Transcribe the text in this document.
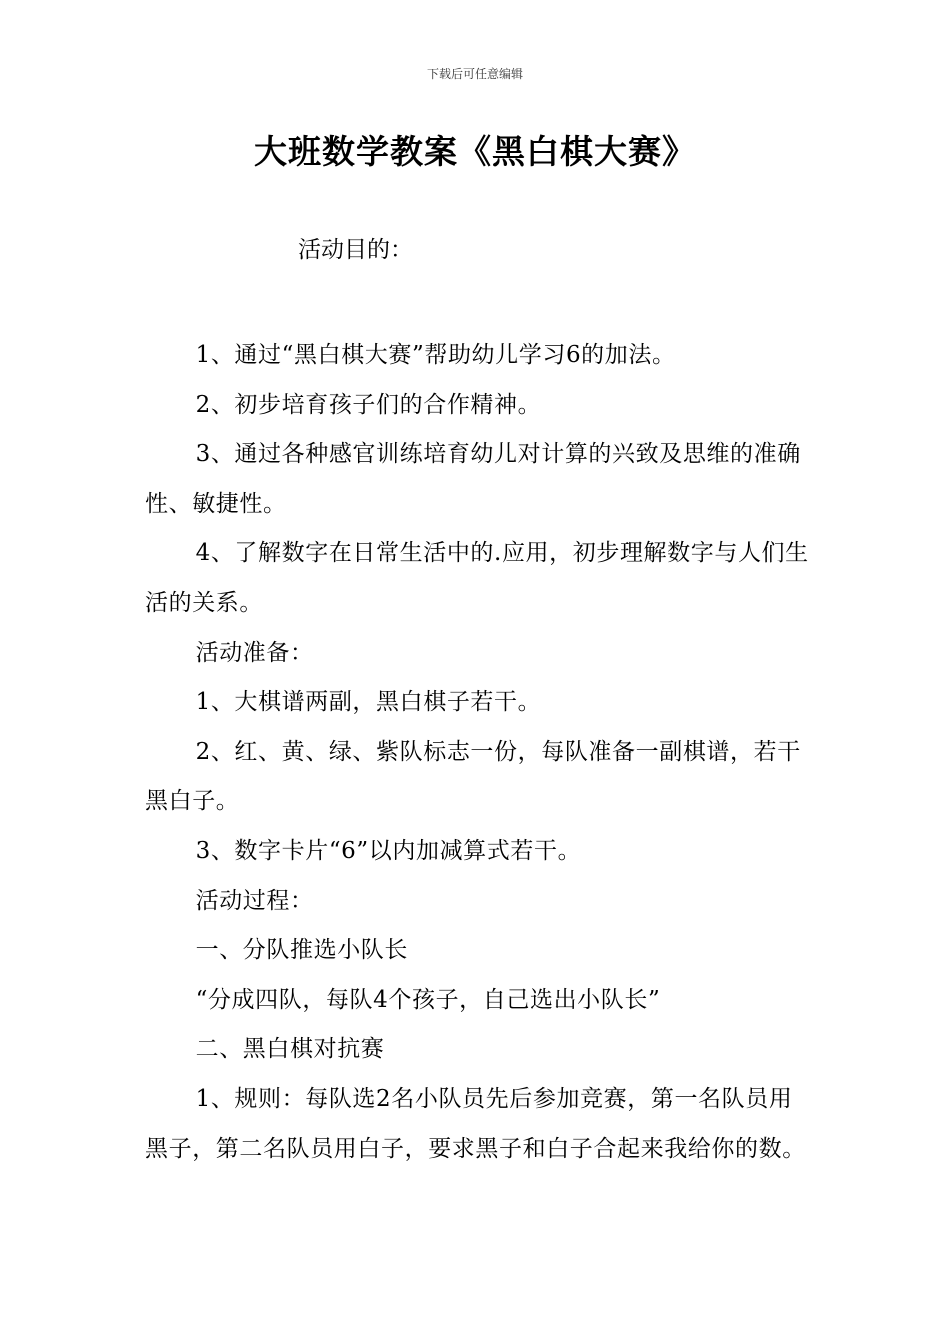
下载后可任意编辑
大班数学教案《黑白棋大赛》
活动目的：

1、通过“黑白棋大赛”帮助幼儿学习6的加法。

2、初步培育孩子们的合作精神。

3、通过各种感官训练培育幼儿对计算的兴致及思维的准确性、敏捷性。

4、了解数字在日常生活中的.应用，初步理解数字与人们生活的关系。

活动准备：

1、大棋谱两副，黑白棋子若干。

2、红、黄、绿、紫队标志一份，每队准备一副棋谱，若干黑白子。

3、数字卡片“6”以内加减算式若干。

活动过程：

一、分队推选小队长

“分成四队，每队4个孩子，自己选出小队长”

二、黑白棋对抗赛

1、规则：每队选2名小队员先后参加竞赛，第一名队员用黑子，第二名队员用白子，要求黑子和白子合起来我给你的数。
